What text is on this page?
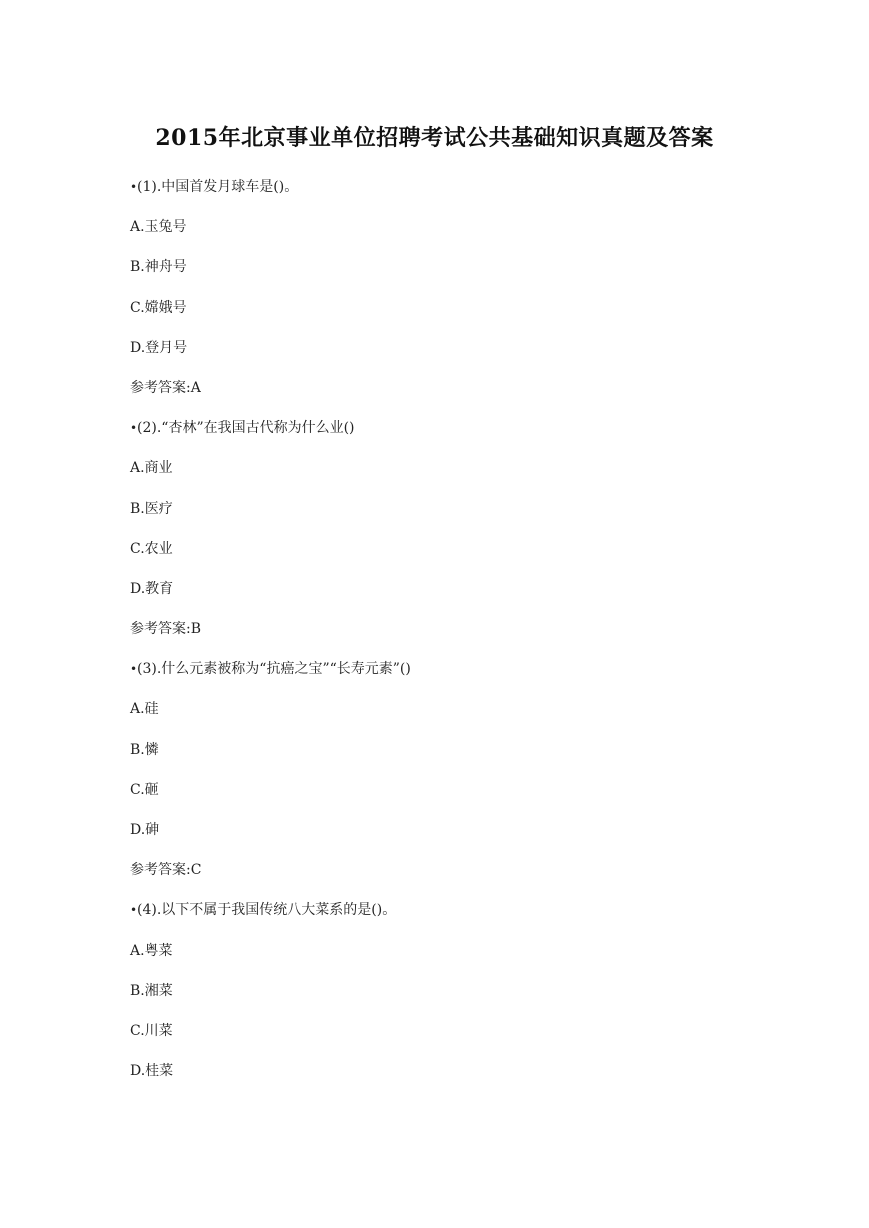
2015年北京事业单位招聘考试公共基础知识真题及答案
•(1).中国首发月球车是()。
A.玉兔号
B.神舟号
C.嫦娥号
D.登月号
参考答案:A
•(2).“杏林”在我国古代称为什么业()
A.商业
B.医疗
C.农业
D.教育
参考答案:B
•(3).什么元素被称为“抗癌之宝”“长寿元素”()
A.硅
B.憐
C.砸
D.砷
参考答案:C
•(4).以下不属于我国传统八大菜系的是()。
A.粤菜
B.湘菜
C.川菜
D.桂菜
